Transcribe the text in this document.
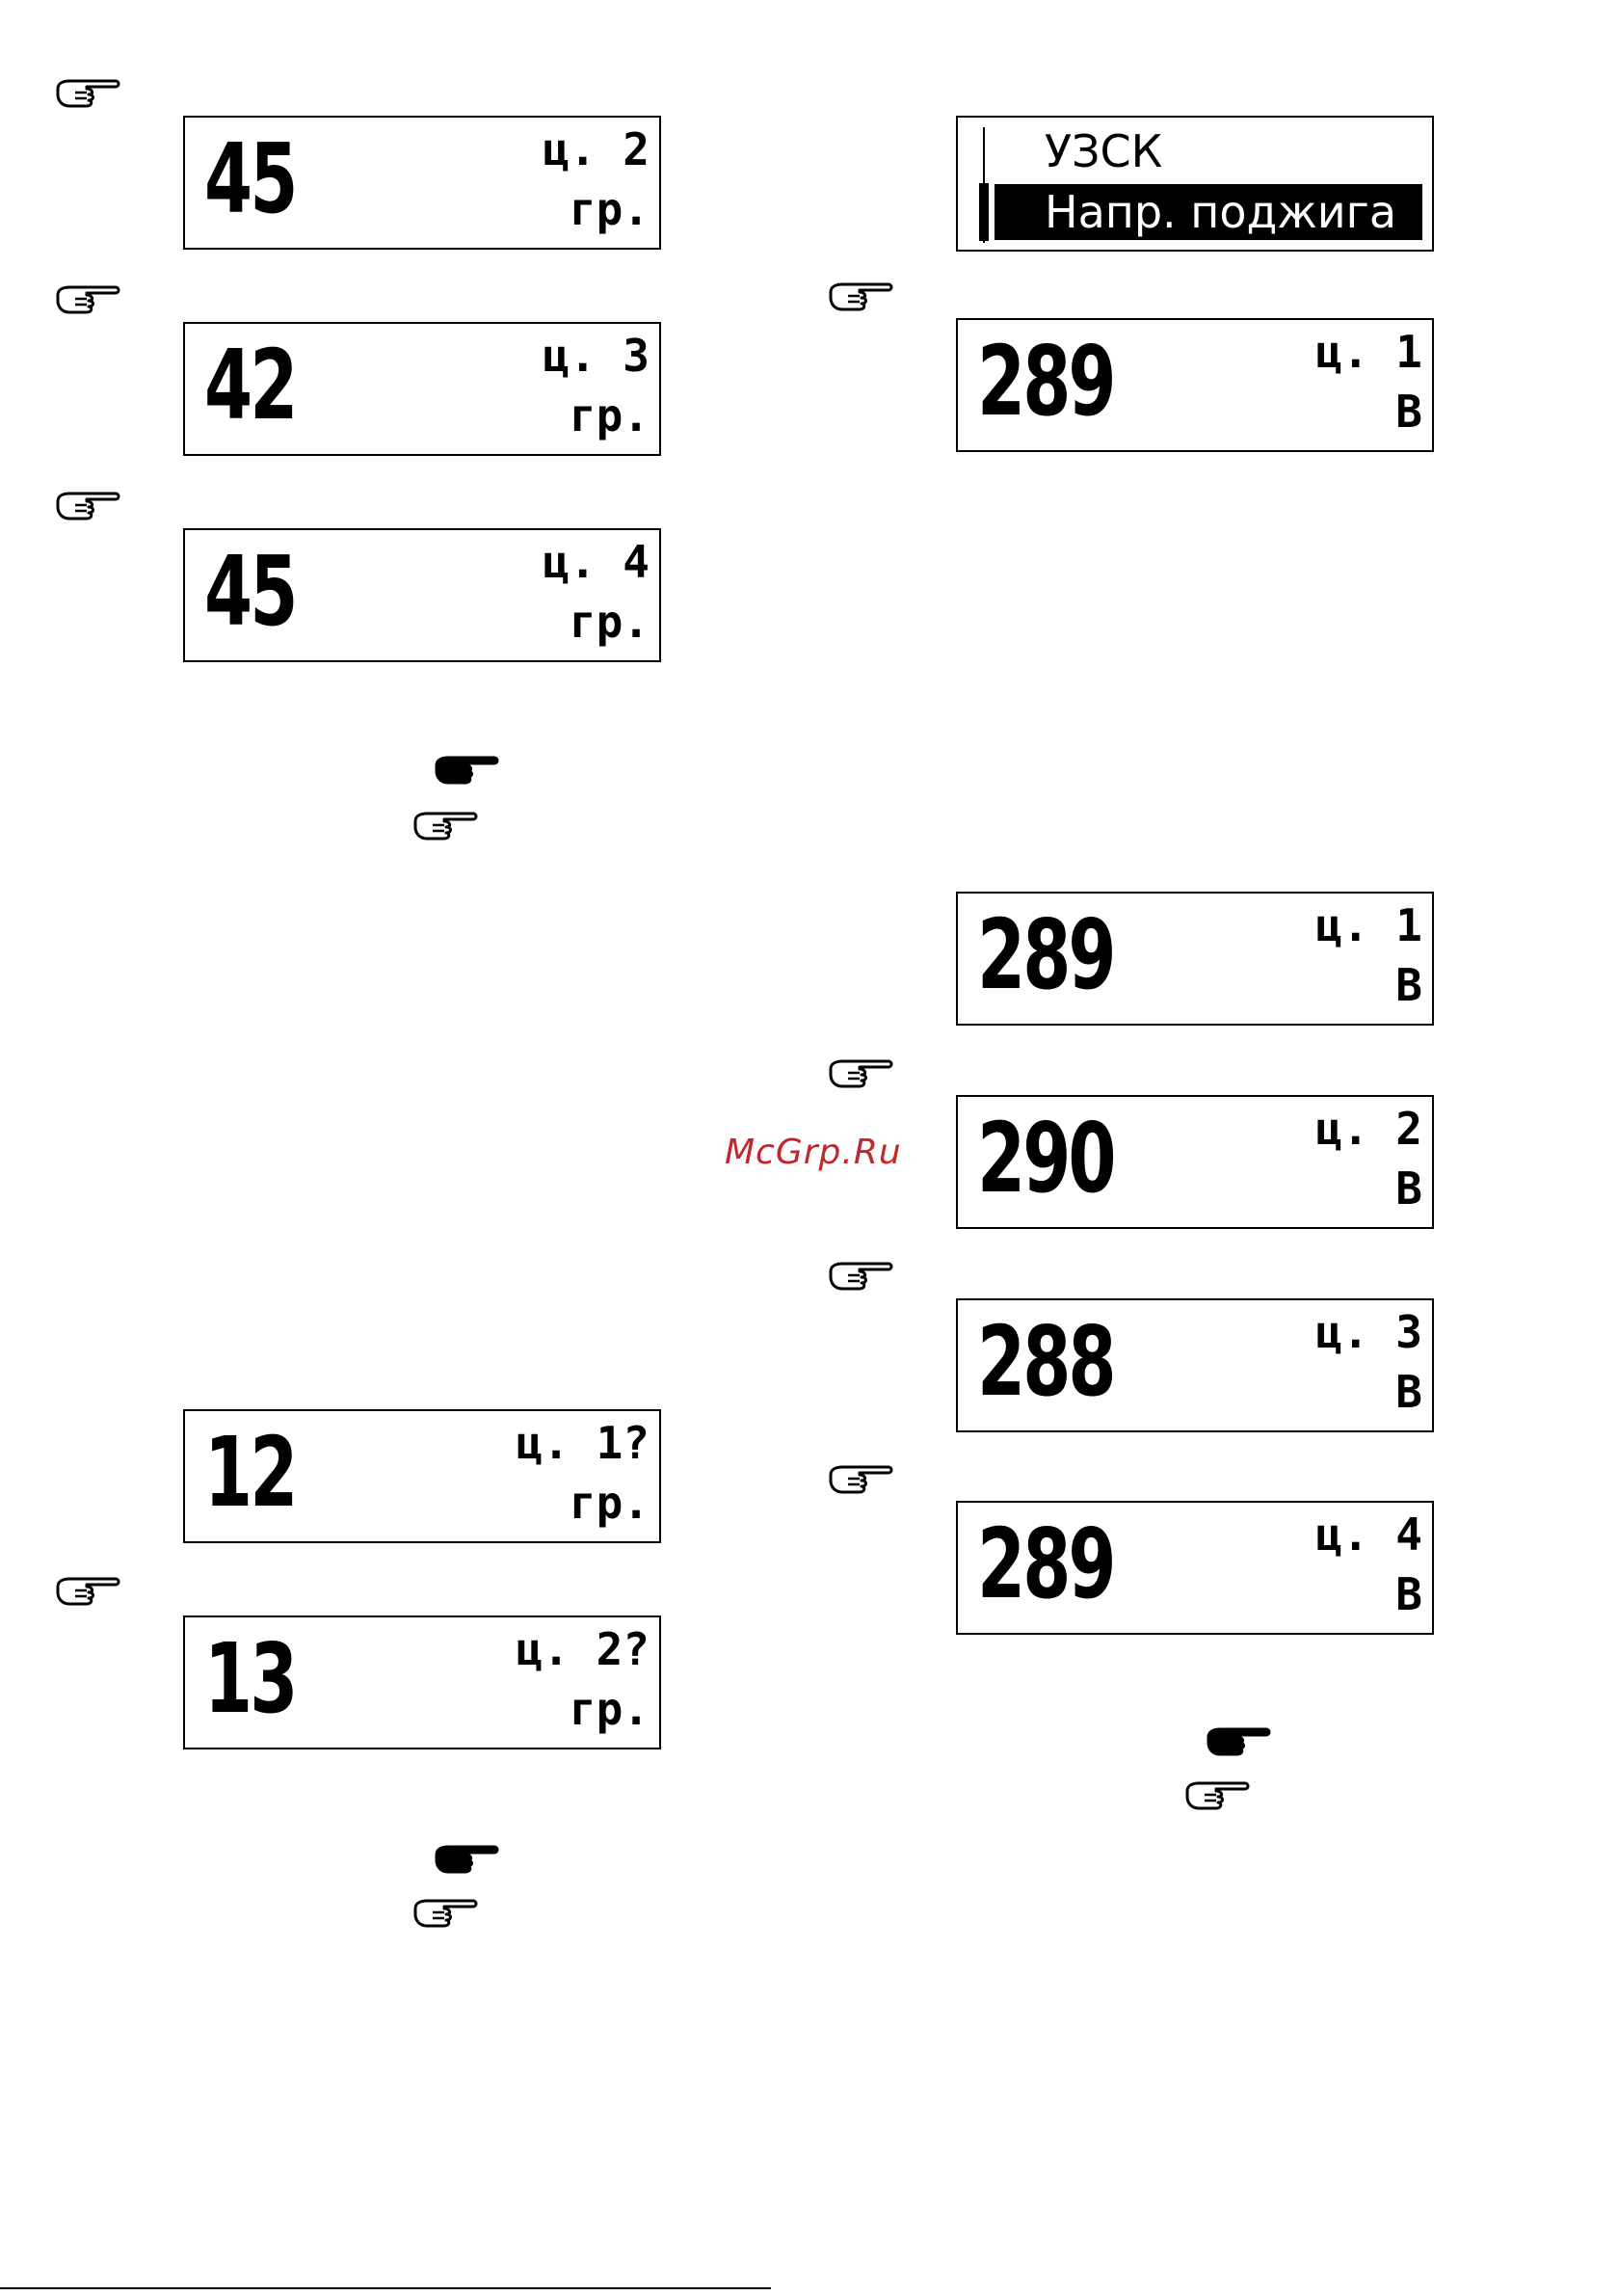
45	ц. 2
гр.
42	ц. 3
гр.
45	ц. 4
гр.
12	ц. 1?
гр.
13	ц. 2?
гр.
УЗСК
Напр. поджига
289	ц. 1
В
289	ц. 1
В
McGrp.Ru 290	ц. 2
В
288	ц. 3
В
289	ц. 4
В
